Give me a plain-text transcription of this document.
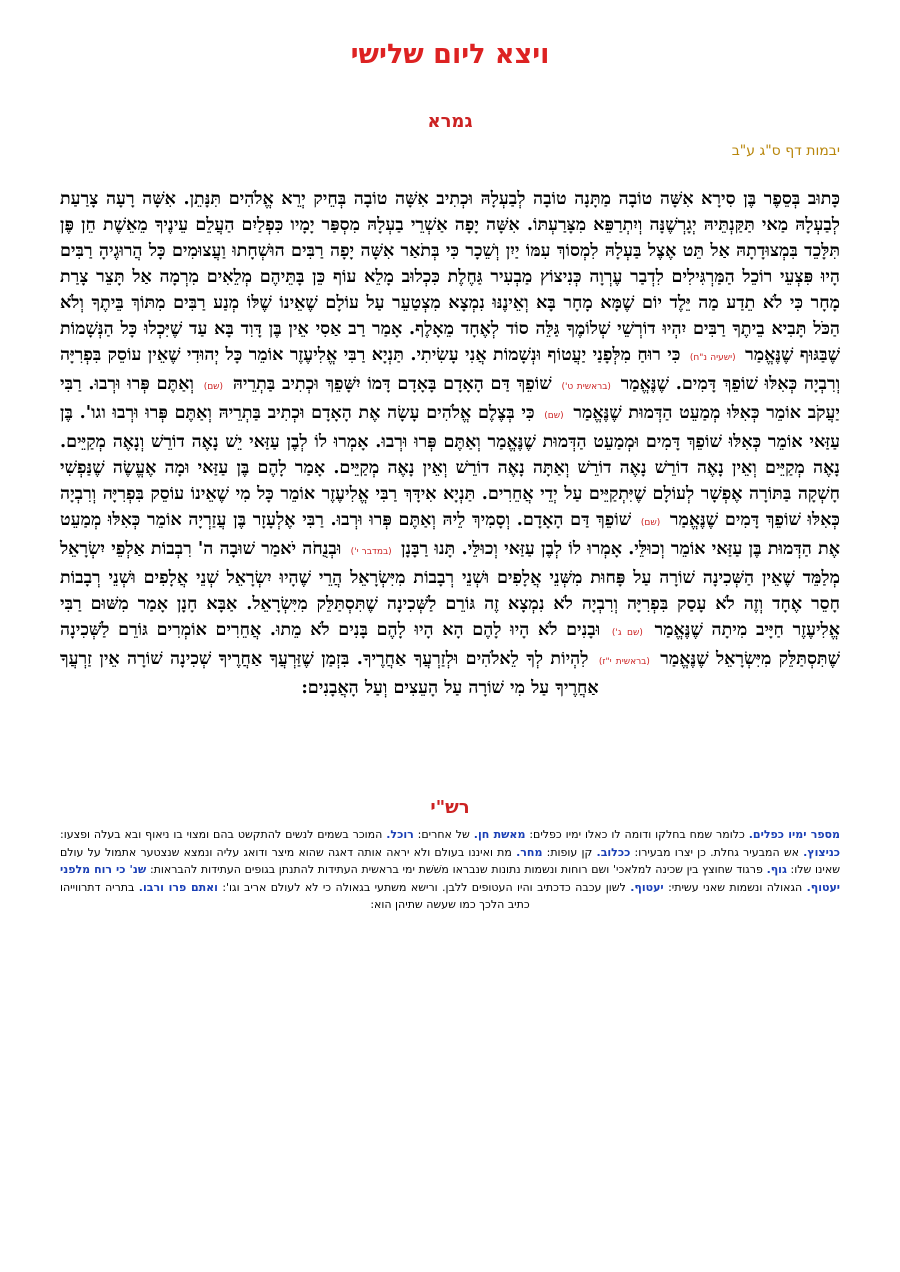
ויצא ליום שלישי
גמרא
יבמות דף ס"ג ע"ב

כָּתוּב בְּסֵפֶר בֶּן סִירָא אִשָּׁה טוֹבָה מַתָּנָה טוֹבָה לְבַעְלָהּ וּכְתִיב אִשָּׁה טוֹבָה בְּחֵיק יְרֵא אֱלֹהִים תִּנָּתֵן. אִשָּׁה רָעָה צָרַעַת לְבַעְלָהּ מַאי תַּקַּנְתֵּיהּ יְגָרְשֶׁנָּה וְיִתְרַפֵּא מִצָּרַעְתּוֹ. אִשָּׁה יָפָה אַשְׁרֵי בַעְלָהּ מִסְפַּר יָמָיו כִּפְלַיִם הַעֲלֵם עֵינֶיךָ מֵאֵשֶׁת חֵן פֶּן תִּלָּכֵד בִּמְצוּדָתָהּ אַל תֵּט אֶצֶל בַּעְלָהּ לִמְסוֹךְ עִמּוֹ יַיִן וְשֵׁכָר כִּי בְּתֹאַר אִשָּׁה יָפָה רַבִּים הוּשְׁחָתוּ וַעֲצוּמִים כָּל הֲרוּגֶיהָ רַבִּים הָיוּ פִּצְעֵי רוֹכֵל הַמַּרְגִּילִים לִדְבַר עֶרְוָה כְּנִיצוֹץ מַבְעִיר גַּחֶלֶת כִּכְלוּב מָלֵא עוֹף כֵּן בָּתֵּיהֶם מְלֵאִים מִרְמָה אַל תָּצֵר צָרַת מָחָר כִּי לֹא תֵדַע מַה יֵּלֶד יוֹם שֶׁמָּא מָחָר בָּא וְאֵינֶנּוּ נִמְצָא מִצְטַעֵר עַל עוֹלָם שֶׁאֵינוֹ שֶׁלּוֹ מְנַע רַבִּים מִתּוֹךְ בֵּיתֶךָ וְלֹא הַכֹּל תָּבִיא בֵיתֶךָ רַבִּים יִהְיוּ דוֹרְשֵׁי שְׁלוֹמֶךָ גַּלֵּה סוֹד לְאֶחָד מֵאָלֶף. אָמַר רַב אַסִי אֵין בֶּן דָּוִד בָּא עַד שֶׁיִּכְלוּ כָּל הַנְּשָׁמוֹת שֶׁבַּגּוּף שֶׁנֶּאֱמַר (ישעיה נ"ח) כִּי רוּחַ מִלְּפָנַי יַעֲטוֹף וּנְשָׁמוֹת אֲנִי עָשִׂיתִי. תַּנְיָא רַבִּי אֱלִיעֶזֶר אוֹמֵר כָּל יְהוּדִי שֶׁאֵין עוֹסֵק בִּפְרִיָּה וְרִבְיָה כְּאִלּוּ שׁוֹפֵךְ דָּמִים. שֶׁנֶּאֱמַר (בראשית ט') שׁוֹפֵךְ דַּם הָאָדָם בָּאָדָם דָּמוֹ יִשָּׁפֵךְ וּכְתִיב בַּתְרֵיהּ (שם) וְאַתֶּם פְּרוּ וּרְבוּ. רַבִּי יַעֲקֹב אוֹמֵר כְּאִלּוּ מְמַעֵט הַדְּמוּת שֶׁנֶּאֱמַר (שם) כִּי בְּצֶלֶם אֱלֹהִים עָשָׂה אֶת הָאָדָם וּכְתִיב בַּתְרֵיהּ וְאַתֶּם פְּרוּ וּרְבוּ וגו'. בֶּן עַזַּאי אוֹמֵר כְּאִלּוּ שׁוֹפֵךְ דָּמִים וּמְמַעֵט הַדְּמוּת שֶׁנֶּאֱמַר וְאַתֶּם פְּרוּ וּרְבוּ. אָמְרוּ לוֹ לְבֶן עַזַּאי יֵשׁ נָאֶה דוֹרֵשׁ וְנָאֶה מְקַיֵּים. נָאֶה מְקַיֵּים וְאֵין נָאֶה דוֹרֵשׁ נָאֶה דוֹרֵשׁ וְאַתָּה נָאֶה דוֹרֵשׁ וְאֵין נָאֶה מְקַיֵּים. אָמַר לָהֶם בֶּן עַזַּאי וּמָה אֶעֱשֶׂה שֶׁנַּפְשִׁי חָשְׁקָה בַּתּוֹרָה אֶפְשָׁר לְעוֹלָם שֶׁיִּתְקַיֵּים עַל יְדֵי אֲחֵרִים. תַּנְיָא אִידָּךְ רַבִּי אֱלִיעֶזֶר אוֹמֵר כָּל מִי שֶׁאֵינוֹ עוֹסֵק בִּפְרִיָּה וְרִבְיָה כְּאִלּוּ שׁוֹפֵךְ דָּמִים שֶׁנֶּאֱמַר (שם) שׁוֹפֵךְ דַּם הָאָדָם. וְסָמִיךְ לֵיהּ וְאַתֶּם פְּרוּ וּרְבוּ. רַבִּי אֶלְעָזָר בֶּן עֲזַרְיָה אוֹמֵר כְּאִלּוּ מְמַעֵט אֶת הַדְּמוּת בֶּן עַזַּאי אוֹמֵר וְכוּלֵּי. אָמְרוּ לוֹ לְבֶן עַזַּאי וְכוּלֵּי. תָּנוּ רַבָּנָן (במדבר י') וּבְנֻחֹה יֹאמַר שׁוּבָה ה' רִבְבוֹת אַלְפֵי יִשְׂרָאֵל מְלַמֵּד שֶׁאֵין הַשְּׁכִינָה שׁוֹרָה עַל פָּחוּת מִשְּׁנֵי אֲלָפִים וּשְׁנֵי רְבָבוֹת מִיִּשְׂרָאֵל הֲרֵי שֶׁהָיוּ יִשְׂרָאֵל שְׁנֵי אֲלָפִים וּשְׁנֵי רְבָבוֹת חָסֵר אֶחָד וְזֶה לֹא עָסַק בִּפְרִיָּה וְרִבְיָה לֹא נִמְצָא זֶה גּוֹרֵם לַשְּׁכִינָה שֶׁתִּסְתַּלֵּק מִיִּשְׂרָאֵל. אַבָּא חָנָן אָמַר מִשּׁוּם רַבִּי אֱלִיעֶזֶר חַיָּיב מִיתָה שֶׁנֶּאֱמַר (שם ג') וּבָנִים לֹא הָיוּ לָהֶם הָא הָיוּ לָהֶם בָּנִים לֹא מֵתוּ. אֲחֵרִים אוֹמְרִים גּוֹרֵם לַשְּׁכִינָה שֶׁתִּסְתַּלֵּק מִיִּשְׂרָאֵל שֶׁנֶּאֱמַר (בראשית י"ז) לִהְיוֹת לְךָ לֵאלֹהִים וּלְזַרְעֲךָ אַחֲרֶיךָ. בִּזְמַן שֶׁזַּרְעֲךָ אַחֲרֶיךָ שְׁכִינָה שׁוֹרָה אֵין זַרְעֲךָ אַחֲרֶיךָ עַל מִי שׁוֹרָה עַל הָעֵצִים וְעַל הָאֲבָנִים:

רש"י

מספר ימיו כפלים. כלומר שמח בחלקו ודומה לו כאלו ימיו כפלים: מאשת חן. של אחרים: רוכל. המוכר בשמים לנשים להתקשט בהם ומצוי בו ניאוף ובא בעלה ופצעו: כניצוץ. אש המבעיר גחלת. כן יצרו מבעירו: ככלוב. קן עופות: מחר. מת ואיננו בעולם ולא יראה אותה דאגה שהוא מיצר ודואג עליה ונמצא שנצטער אתמול על עולם שאינו שלו: גוף. פרגוד שחוצץ בין שכינה למלאכי' ושם רוחות ונשמות נתונות שנבראו משׁשׁת ימי בראשית העתידות להתנתן בגופים העתידות להבראות: שנ' כי רוח מלפני יעטוף. הגאולה ונשמות שאני עשיתי: יעטוף. לשון עכבה כדכתיב והיו העטופים ללבן. ורישא משתעי בגאולה כי לא לעולם אריב וגו': ואתם פרו ורבו. בתריה דתרווייהו כתיב הלכך כמו שעשה שתיהן הוא:
